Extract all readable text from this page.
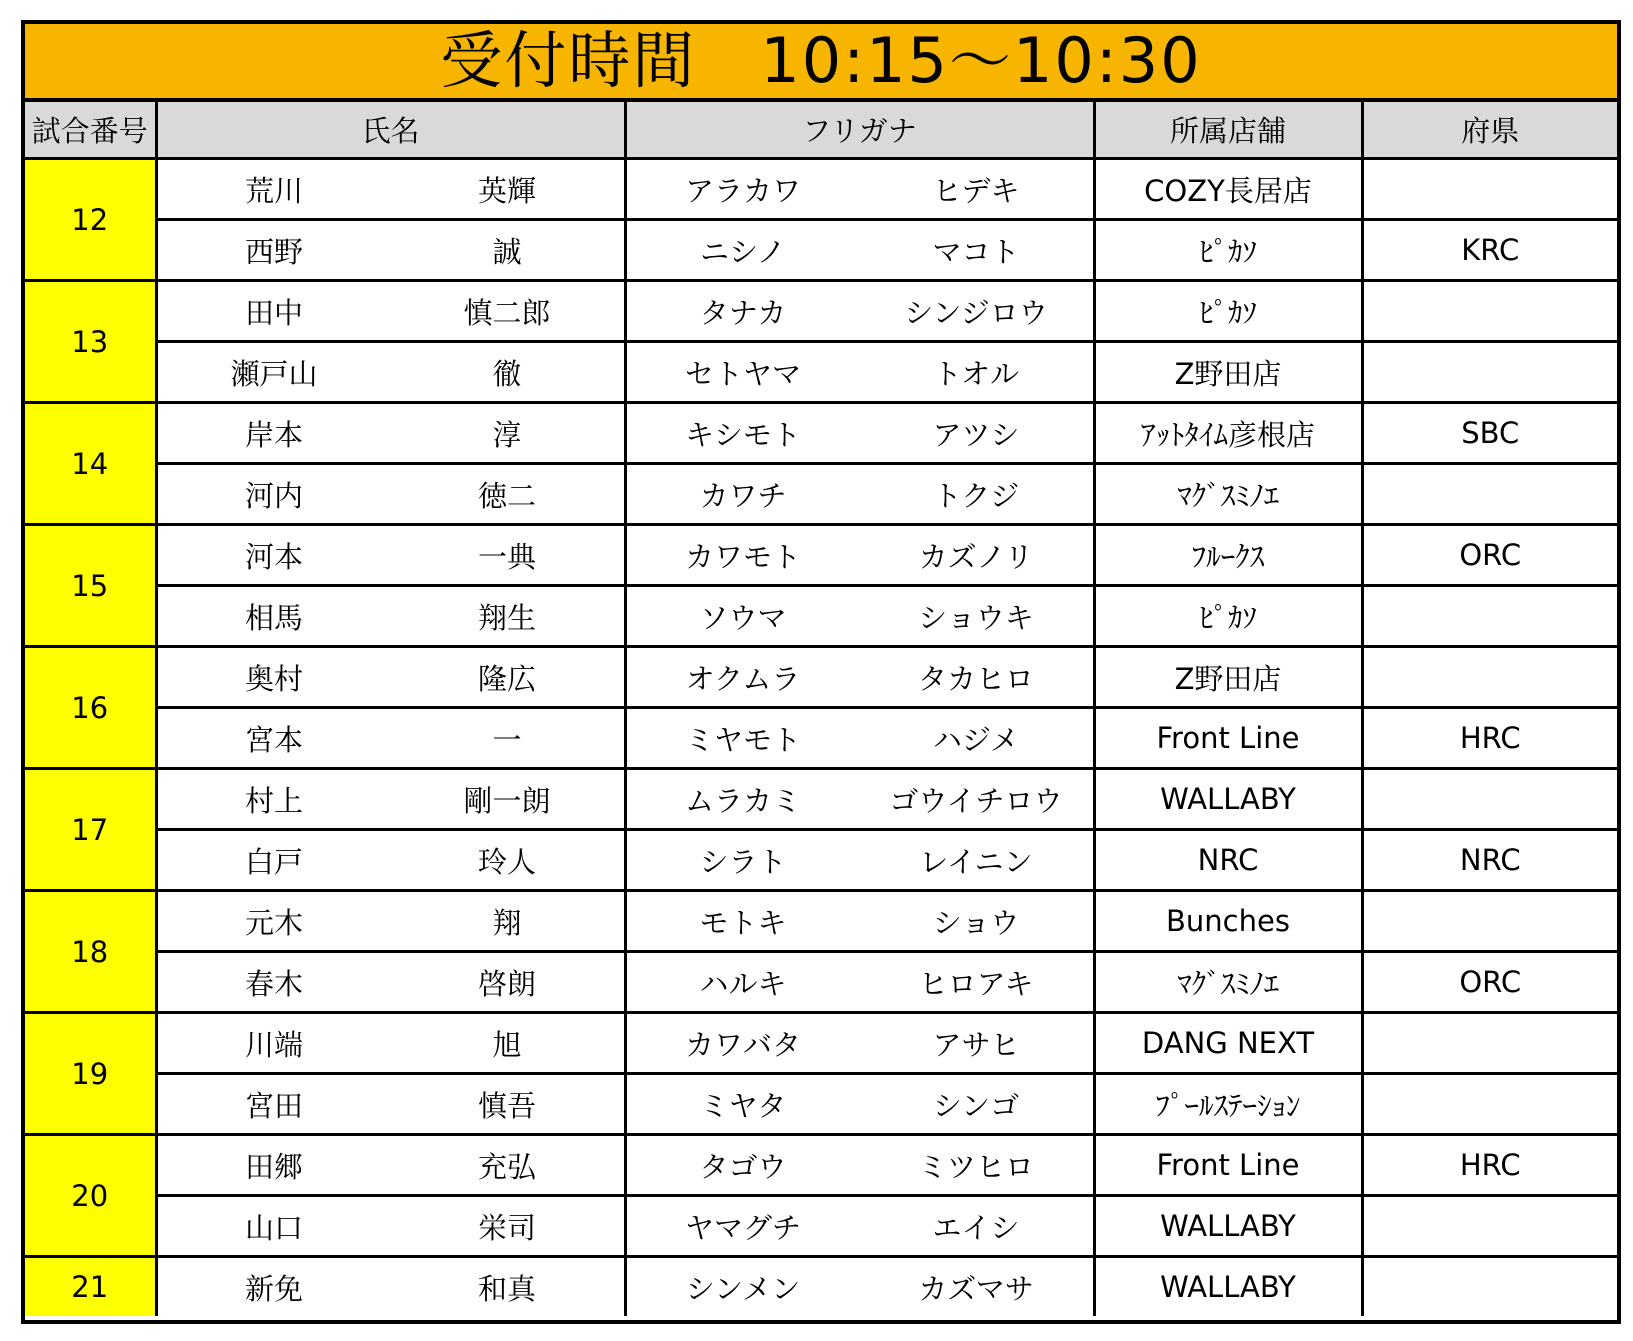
受付時間　10:15～10:30
試合番号	氏名	フリガナ	所属店舗	府県
12	荒川 英輝	アラカワ ヒデキ	COZY長居店	

	西野 誠	ニシノ マコト	ﾋﾟｶｿ	KRC
13	田中 慎二郎	タナカ シンジロウ	ﾋﾟｶｿ	

	瀬戸山 徹	セトヤマ トオル	Z野田店	
14	岸本 淳	キシモト アツシ	ｱｯﾄﾀｲﾑ彦根店	SBC

	河内 徳二	カワチ トクジ	ﾏｸﾞｽﾐﾉｴ	
15	河本 一典	カワモト カズノリ	ﾌﾙｰｸｽ	ORC

	相馬 翔生	ソウマ ショウキ	ﾋﾟｶｿ	
16	奥村 隆広	オクムラ タカヒロ	Z野田店	

	宮本 一	ミヤモト ハジメ	Front Line	HRC
17	村上 剛一朗	ムラカミ ゴウイチロウ	WALLABY	

	白戸 玲人	シラト レイニン	NRC	NRC
18	元木 翔	モトキ ショウ	Bunches	

	春木 啓朗	ハルキ ヒロアキ	ﾏｸﾞｽﾐﾉｴ	ORC
19	川端 旭	カワバタ アサヒ	DANG NEXT	

	宮田 慎吾	ミヤタ シンゴ	ﾌﾟｰﾙｽﾃｰｼｮﾝ	
20	田郷 充弘	タゴウ ミツヒロ	Front Line	HRC

	山口 栄司	ヤマグチ エイシ	WALLABY	
21	新免 和真	シンメン カズマサ	WALLABY	
